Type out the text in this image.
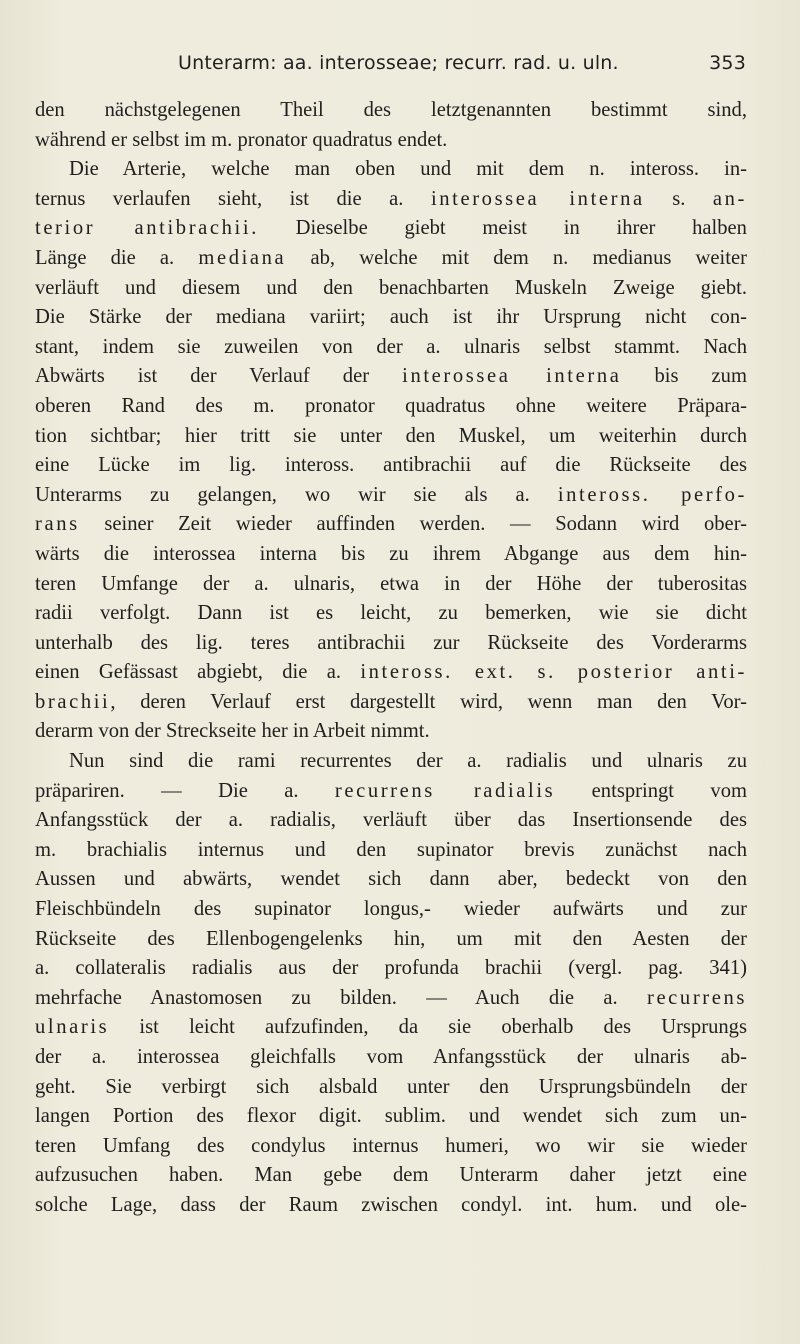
Unterarm: aa. interosseae; recurr. rad. u. uln.	353
den nächstgelegenen Theil des letztgenannten bestimmt sind,
während er selbst im m. pronator quadratus endet.
Die Arterie, welche man oben und mit dem n. inteross. in-
ternus verlaufen sieht, ist die a. interossea interna s. an-
terior antibrachii. Dieselbe giebt meist in ihrer halben
Länge die a. mediana ab, welche mit dem n. medianus weiter
verläuft und diesem und den benachbarten Muskeln Zweige giebt.
Die Stärke der mediana variirt; auch ist ihr Ursprung nicht con-
stant, indem sie zuweilen von der a. ulnaris selbst stammt. Nach
Abwärts ist der Verlauf der interossea interna bis zum
oberen Rand des m. pronator quadratus ohne weitere Präpara-
tion sichtbar; hier tritt sie unter den Muskel, um weiterhin durch
eine Lücke im lig. inteross. antibrachii auf die Rückseite des
Unterarms zu gelangen, wo wir sie als a. inteross. perfo-
rans seiner Zeit wieder auffinden werden. — Sodann wird ober-
wärts die interossea interna bis zu ihrem Abgange aus dem hin-
teren Umfange der a. ulnaris, etwa in der Höhe der tuberositas
radii verfolgt. Dann ist es leicht, zu bemerken, wie sie dicht
unterhalb des lig. teres antibrachii zur Rückseite des Vorderarms
einen Gefässast abgiebt, die a. inteross. ext. s. posterior anti-
brachii, deren Verlauf erst dargestellt wird, wenn man den Vor-
derarm von der Streckseite her in Arbeit nimmt.
Nun sind die rami recurrentes der a. radialis und ulnaris zu
präpariren. — Die a. recurrens radialis entspringt vom
Anfangsstück der a. radialis, verläuft über das Insertionsende des
m. brachialis internus und den supinator brevis zunächst nach
Aussen und abwärts, wendet sich dann aber, bedeckt von den
Fleischbündeln des supinator longus,- wieder aufwärts und zur
Rückseite des Ellenbogengelenks hin, um mit den Aesten der
a. collateralis radialis aus der profunda brachii (vergl. pag. 341)
mehrfache Anastomosen zu bilden. — Auch die a. recurrens
ulnaris ist leicht aufzufinden, da sie oberhalb des Ursprungs
der a. interossea gleichfalls vom Anfangsstück der ulnaris ab-
geht. Sie verbirgt sich alsbald unter den Ursprungsbündeln der
langen Portion des flexor digit. sublim. und wendet sich zum un-
teren Umfang des condylus internus humeri, wo wir sie wieder
aufzusuchen haben. Man gebe dem Unterarm daher jetzt eine
solche Lage, dass der Raum zwischen condyl. int. hum. und ole-
